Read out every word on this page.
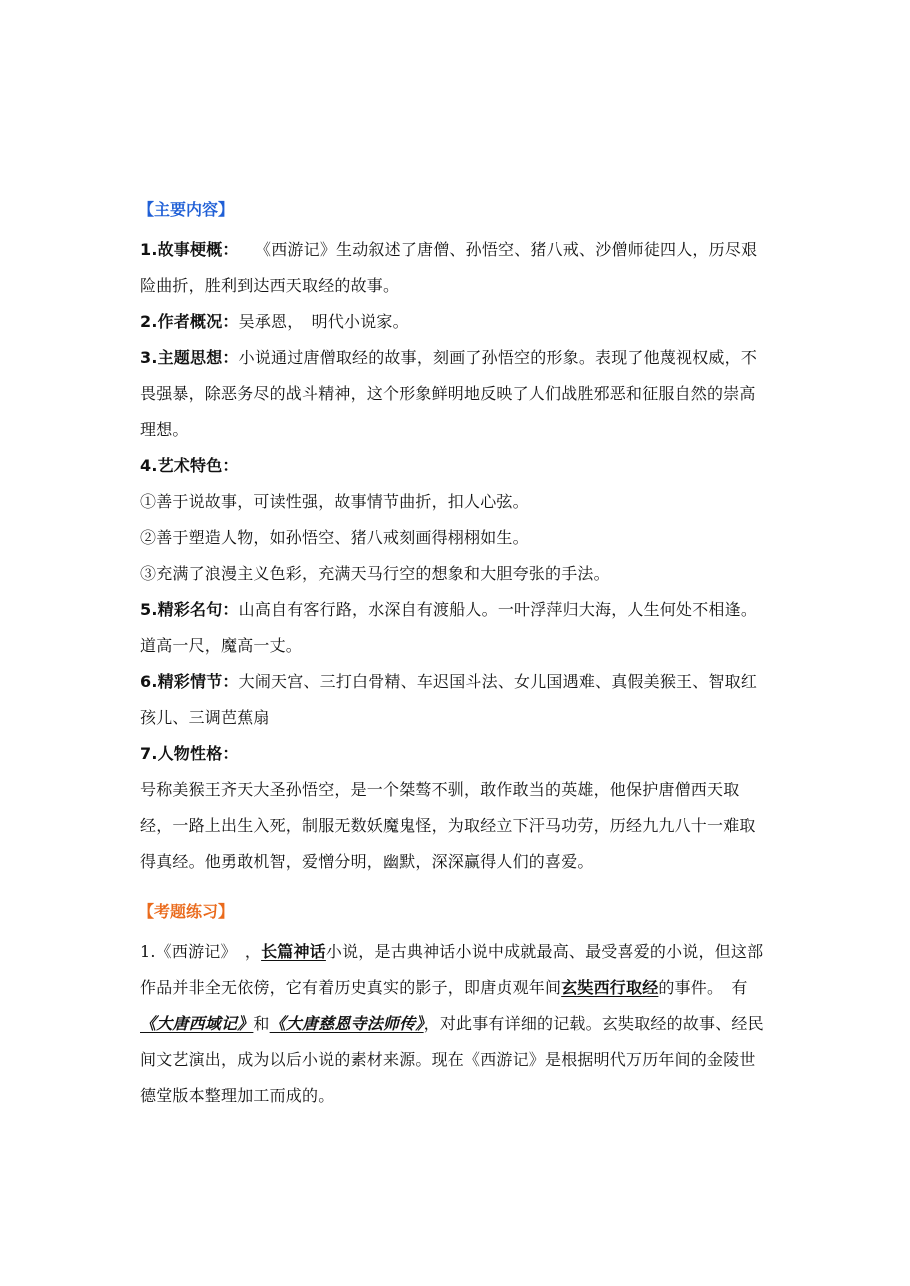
【主要内容】
1.故事梗概：　　《西游记》生动叙述了唐僧、孙悟空、猪八戒、沙僧师徒四人，历尽艰险曲折，胜利到达西天取经的故事。
2.作者概况：吴承恩，　明代小说家。
3.主题思想：小说通过唐僧取经的故事，刻画了孙悟空的形象。表现了他蔑视权威，不畏强暴，除恶务尽的战斗精神，这个形象鲜明地反映了人们战胜邪恶和征服自然的崇高理想。
4.艺术特色：
①善于说故事，可读性强，故事情节曲折，扣人心弦。
②善于塑造人物，如孙悟空、猪八戒刻画得栩栩如生。
③充满了浪漫主义色彩，充满天马行空的想象和大胆夸张的手法。
5.精彩名句：山高自有客行路，水深自有渡船人。一叶浮萍归大海，人生何处不相逢。道高一尺，魔高一丈。
6.精彩情节：大闹天宫、三打白骨精、车迟国斗法、女儿国遇难、真假美猴王、智取红孩儿、三调芭蕉扇
7.人物性格：
号称美猴王齐天大圣孙悟空，是一个桀骜不驯，敢作敢当的英雄，他保护唐僧西天取经，一路上出生入死，制服无数妖魔鬼怪，为取经立下汗马功劳，历经九九八十一难取得真经。他勇敢机智，爱憎分明，幽默，深深赢得人们的喜爱。
【考题练习】
1.《西游记》　，长篇神话小说，是古典神话小说中成就最高、最受喜爱的小说，但这部作品并非全无依傍，它有着历史真实的影子，即唐贞观年间玄奘西行取经的事件。　有　《大唐西域记》和《大唐慈恩寺法师传》，对此事有详细的记载。玄奘取经的故事、经民间文艺演出，成为以后小说的素材来源。现在《西游记》是根据明代万历年间的金陵世德堂版本整理加工而成的。
